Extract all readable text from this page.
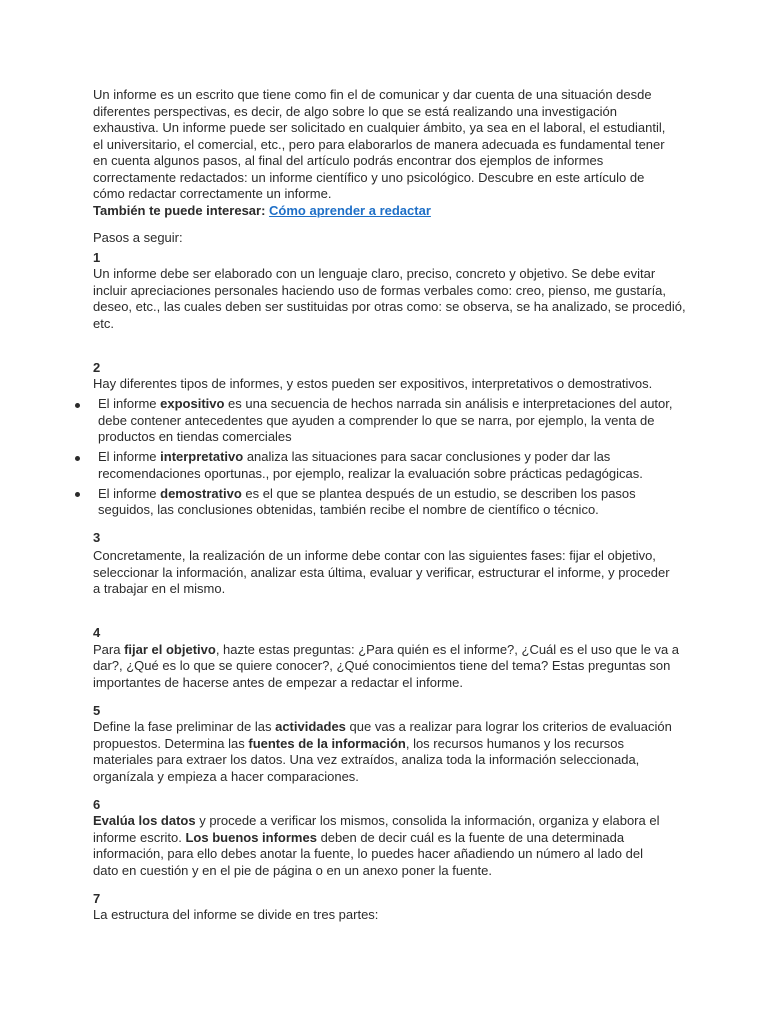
Un informe es un escrito que tiene como fin el de comunicar y dar cuenta de una situación desde
diferentes perspectivas, es decir, de algo sobre lo que se está realizando una investigación
exhaustiva. Un informe puede ser solicitado en cualquier ámbito, ya sea en el laboral, el estudiantil,
el universitario, el comercial, etc., pero para elaborarlos de manera adecuada es fundamental tener
en cuenta algunos pasos, al final del artículo podrás encontrar dos ejemplos de informes
correctamente redactados: un informe científico y uno psicológico. Descubre en este artículo de
cómo redactar correctamente un informe.
También te puede interesar: Cómo aprender a redactar
Pasos a seguir:
1
Un informe debe ser elaborado con un lenguaje claro, preciso, concreto y objetivo. Se debe evitar
incluir apreciaciones personales haciendo uso de formas verbales como: creo, pienso, me gustaría,
deseo, etc., las cuales deben ser sustituidas por otras como: se observa, se ha analizado, se procedió,
etc.
2
Hay diferentes tipos de informes, y estos pueden ser expositivos, interpretativos o demostrativos.
El informe expositivo es una secuencia de hechos narrada sin análisis e interpretaciones del autor,
debe contener antecedentes que ayuden a comprender lo que se narra, por ejemplo, la venta de
productos en tiendas comerciales
El informe interpretativo analiza las situaciones para sacar conclusiones y poder dar las
recomendaciones oportunas., por ejemplo, realizar la evaluación sobre prácticas pedagógicas.
El informe demostrativo es el que se plantea después de un estudio, se describen los pasos
seguidos, las conclusiones obtenidas, también recibe el nombre de científico o técnico.
3
Concretamente, la realización de un informe debe contar con las siguientes fases: fijar el objetivo,
seleccionar la información, analizar esta última, evaluar y verificar, estructurar el informe, y proceder
a trabajar en el mismo.
4
Para fijar el objetivo, hazte estas preguntas: ¿Para quién es el informe?, ¿Cuál es el uso que le va a
dar?, ¿Qué es lo que se quiere conocer?, ¿Qué conocimientos tiene del tema? Estas preguntas son
importantes de hacerse antes de empezar a redactar el informe.
5
Define la fase preliminar de las actividades que vas a realizar para lograr los criterios de evaluación
propuestos. Determina las fuentes de la información, los recursos humanos y los recursos
materiales para extraer los datos. Una vez extraídos, analiza toda la información seleccionada,
organízala y empieza a hacer comparaciones.
6
Evalúa los datos y procede a verificar los mismos, consolida la información, organiza y elabora el
informe escrito. Los buenos informes deben de decir cuál es la fuente de una determinada
información, para ello debes anotar la fuente, lo puedes hacer añadiendo un número al lado del
dato en cuestión y en el pie de página o en un anexo poner la fuente.
7
La estructura del informe se divide en tres partes:
